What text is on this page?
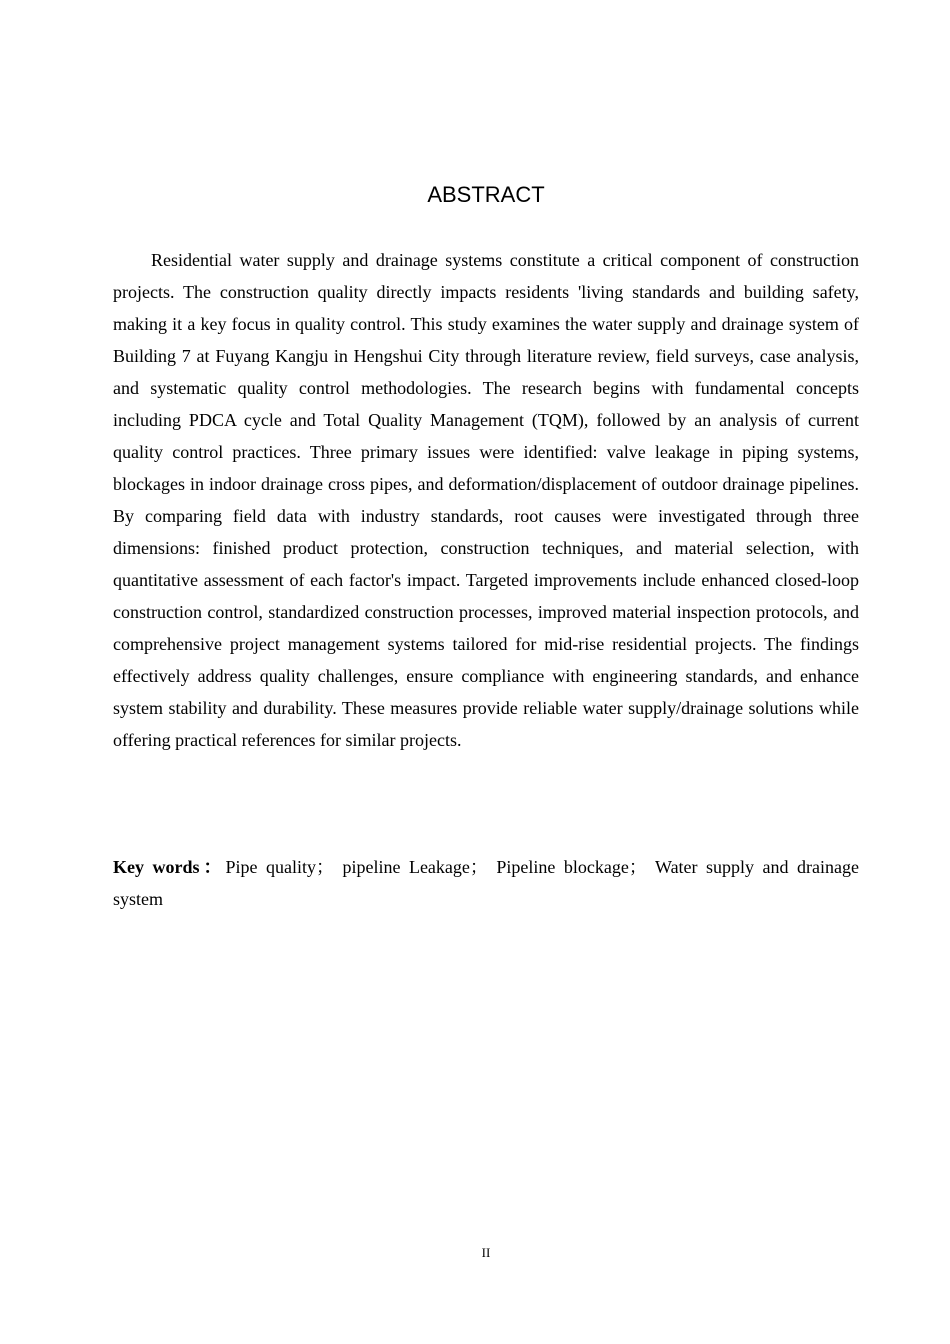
ABSTRACT

Residential water supply and drainage systems constitute a critical component of construction projects. The construction quality directly impacts residents 'living standards and building safety, making it a key focus in quality control. This study examines the water supply and drainage system of Building 7 at Fuyang Kangju in Hengshui City through literature review, field surveys, case analysis, and systematic quality control methodologies. The research begins with fundamental concepts including PDCA cycle and Total Quality Management (TQM), followed by an analysis of current quality control practices. Three primary issues were identified: valve leakage in piping systems, blockages in indoor drainage cross pipes, and deformation/displacement of outdoor drainage pipelines. By comparing field data with industry standards, root causes were investigated through three dimensions: finished product protection, construction techniques, and material selection, with quantitative assessment of each factor's impact. Targeted improvements include enhanced closed-loop construction control, standardized construction processes, improved material inspection protocols, and comprehensive project management systems tailored for mid-rise residential projects. The findings effectively address quality challenges, ensure compliance with engineering standards, and enhance system stability and durability. These measures provide reliable water supply/drainage solutions while offering practical references for similar projects.

Key words：Pipe quality； pipeline Leakage； Pipeline blockage； Water supply and drainage system

II
